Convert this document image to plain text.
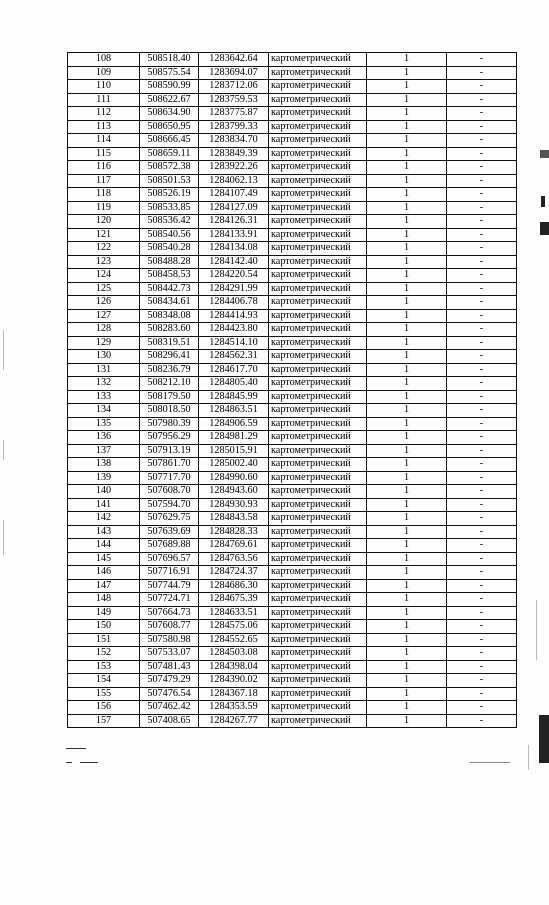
108	508518.40	1283642.64	картометрический	1	-
109	508575.54	1283694.07	картометрический	1	-
110	508590.99	1283712.06	картометрический	1	-
111	508622.67	1283759.53	картометрический	1	-
112	508634.90	1283775.87	картометрический	1	-
113	508650.95	1283799.33	картометрический	1	-
114	508666.45	1283834.70	картометрический	1	-
115	508659.11	1283849.39	картометрический	1	-
116	508572.38	1283922.26	картометрический	1	-
117	508501.53	1284062.13	картометрический	1	-
118	508526.19	1284107.49	картометрический	1	-
119	508533.85	1284127.09	картометрический	1	-
120	508536.42	1284126.31	картометрический	1	-
121	508540.56	1284133.91	картометрический	1	-
122	508540.28	1284134.08	картометрический	1	-
123	508488.28	1284142.40	картометрический	1	-
124	508458.53	1284220.54	картометрический	1	-
125	508442.73	1284291.99	картометрический	1	-
126	508434.61	1284406.78	картометрический	1	-
127	508348.08	1284414.93	картометрический	1	-
128	508283.60	1284423.80	картометрический	1	-
129	508319.51	1284514.10	картометрический	1	-
130	508296.41	1284562.31	картометрический	1	-
131	508236.79	1284617.70	картометрический	1	-
132	508212.10	1284805.40	картометрический	1	-
133	508179.50	1284845.99	картометрический	1	-
134	508018.50	1284863.51	картометрический	1	-
135	507980.39	1284906.59	картометрический	1	-
136	507956.29	1284981.29	картометрический	1	-
137	507913.19	1285015.91	картометрический	1	-
138	507861.70	1285002.40	картометрический	1	-
139	507717.70	1284990.60	картометрический	1	-
140	507608.70	1284943.60	картометрический	1	-
141	507594.70	1284930.93	картометрический	1	-
142	507629.75	1284843.58	картометрический	1	-
143	507639.69	1284828.33	картометрический	1	-
144	507689.88	1284769.61	картометрический	1	-
145	507696.57	1284763.56	картометрический	1	-
146	507716.91	1284724.37	картометрический	1	-
147	507744.79	1284686.30	картометрический	1	-
148	507724.71	1284675.39	картометрический	1	-
149	507664.73	1284633.51	картометрический	1	-
150	507608.77	1284575.06	картометрический	1	-
151	507580.98	1284552.65	картометрический	1	-
152	507533.07	1284503.08	картометрический	1	-
153	507481.43	1284398.04	картометрический	1	-
154	507479.29	1284390.02	картометрический	1	-
155	507476.54	1284367.18	картометрический	1	-
156	507462.42	1284353.59	картометрический	1	-
157	507408.65	1284267.77	картометрический	1	-
